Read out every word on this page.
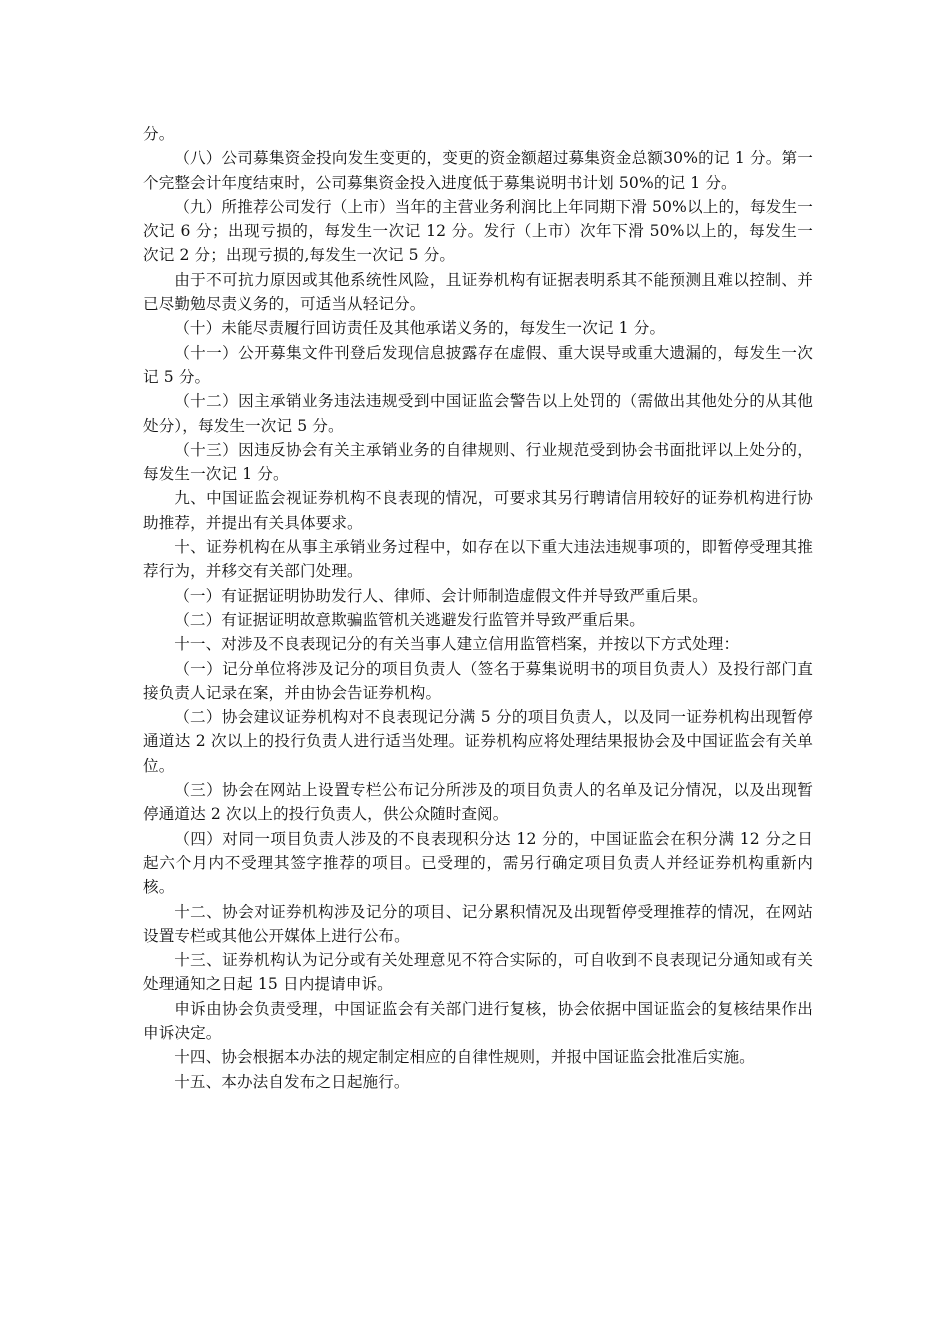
分。

（八）公司募集资金投向发生变更的，变更的资金额超过募集资金总额30%的记 1 分。第一个完整会计年度结束时，公司募集资金投入进度低于募集说明书计划 50%的记 1 分。

（九）所推荐公司发行（上市）当年的主营业务利润比上年同期下滑 50%以上的，每发生一次记 6 分；出现亏损的，每发生一次记 12 分。发行（上市）次年下滑 50%以上的，每发生一次记 2 分；出现亏损的,每发生一次记 5 分。

由于不可抗力原因或其他系统性风险，且证券机构有证据表明系其不能预测且难以控制、并已尽勤勉尽责义务的，可适当从轻记分。

（十）未能尽责履行回访责任及其他承诺义务的，每发生一次记 1 分。

（十一）公开募集文件刊登后发现信息披露存在虚假、重大误导或重大遗漏的，每发生一次记 5 分。

（十二）因主承销业务违法违规受到中国证监会警告以上处罚的（需做出其他处分的从其他处分），每发生一次记 5 分。

（十三）因违反协会有关主承销业务的自律规则、行业规范受到协会书面批评以上处分的，每发生一次记 1 分。

九、中国证监会视证券机构不良表现的情况，可要求其另行聘请信用较好的证券机构进行协助推荐，并提出有关具体要求。

十、证券机构在从事主承销业务过程中，如存在以下重大违法违规事项的，即暂停受理其推荐行为，并移交有关部门处理。

（一）有证据证明协助发行人、律师、会计师制造虚假文件并导致严重后果。

（二）有证据证明故意欺骗监管机关逃避发行监管并导致严重后果。

十一、对涉及不良表现记分的有关当事人建立信用监管档案，并按以下方式处理：

（一）记分单位将涉及记分的项目负责人（签名于募集说明书的项目负责人）及投行部门直接负责人记录在案，并由协会告证券机构。

（二）协会建议证券机构对不良表现记分满 5 分的项目负责人，以及同一证券机构出现暂停通道达 2 次以上的投行负责人进行适当处理。证券机构应将处理结果报协会及中国证监会有关单位。

（三）协会在网站上设置专栏公布记分所涉及的项目负责人的名单及记分情况，以及出现暂停通道达 2 次以上的投行负责人，供公众随时查阅。

（四）对同一项目负责人涉及的不良表现积分达 12 分的，中国证监会在积分满 12 分之日起六个月内不受理其签字推荐的项目。已受理的，需另行确定项目负责人并经证券机构重新内核。

十二、协会对证券机构涉及记分的项目、记分累积情况及出现暂停受理推荐的情况，在网站设置专栏或其他公开媒体上进行公布。

十三、证券机构认为记分或有关处理意见不符合实际的，可自收到不良表现记分通知或有关处理通知之日起 15 日内提请申诉。

申诉由协会负责受理，中国证监会有关部门进行复核，协会依据中国证监会的复核结果作出申诉决定。

十四、协会根据本办法的规定制定相应的自律性规则，并报中国证监会批准后实施。

十五、本办法自发布之日起施行。
